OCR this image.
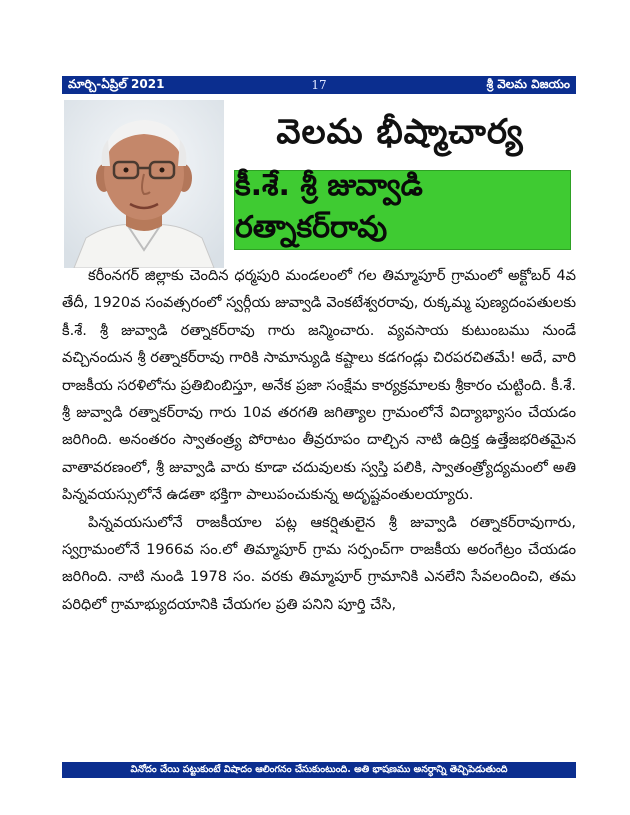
మార్చి-ఏప్రిల్ 2021	17	శ్రీ వెలమ విజయం
వెలమ భీష్మాచార్య
కీ.శే. శ్రీ జువ్వాడి రత్నాకర్‌రావు

కరీంనగర్ జిల్లాకు చెందిన ధర్మపురి మండలంలో గల తిమ్మాపూర్ గ్రామంలో అక్టోబర్ 4వ తేదీ, 1920వ సంవత్సరంలో స్వర్గీయ జువ్వాడి వెంకటేశ్వరరావు, రుక్కమ్మ పుణ్యదంపతులకు కీ.శే. శ్రీ జువ్వాడి రత్నాకర్‌రావు గారు జన్మించారు. వ్యవసాయ కుటుంబము నుండే వచ్చినందున శ్రీ రత్నాకర్‌రావు గారికి సామాన్యుడి కష్టాలు కడగండ్లు చిరపరచితమే! అదే, వారి రాజకీయ సరళిలోను ప్రతిబింబిస్తూ, అనేక ప్రజా సంక్షేమ కార్యక్రమాలకు శ్రీకారం చుట్టింది. కీ.శే. శ్రీ జువ్వాడి రత్నాకర్‌రావు గారు 10వ తరగతి జగిత్యాల గ్రామంలోనే విద్యాభ్యాసం చేయడం జరిగింది. అనంతరం స్వాతంత్ర్య పోరాటం తీవ్రరూపం దాల్చిన నాటి ఉద్రిక్త ఉత్తేజభరితమైన వాతావరణంలో, శ్రీ జువ్వాడి వారు కూడా చదువులకు స్వస్తి పలికి, స్వాతంత్ర్యోద్యమంలో అతి పిన్నవయస్సులోనే ఉడతా భక్తిగా పాలుపంచుకున్న అదృష్టవంతులయ్యారు.

పిన్నవయసులోనే రాజకీయాల పట్ల ఆకర్షితులైన శ్రీ జువ్వాడి రత్నాకర్‌రావుగారు, స్వగ్రామంలోనే 1966వ సం.లో తిమ్మాపూర్ గ్రామ సర్పంచ్‌గా రాజకీయ అరంగేట్రం చేయడం జరిగింది. నాటి నుండి 1978 సం. వరకు తిమ్మాపూర్ గ్రామానికి ఎనలేని సేవలందించి, తమ పరిధిలో గ్రామాభ్యుదయానికి చేయగల ప్రతి పనిని పూర్తి చేసి,

వినోదం చేయి పట్టుకుంటే విషాదం ఆలింగనం చేసుకుంటుంది. అతి భాషణము అనర్ధాన్ని తెచ్చిపెడుతుంది
